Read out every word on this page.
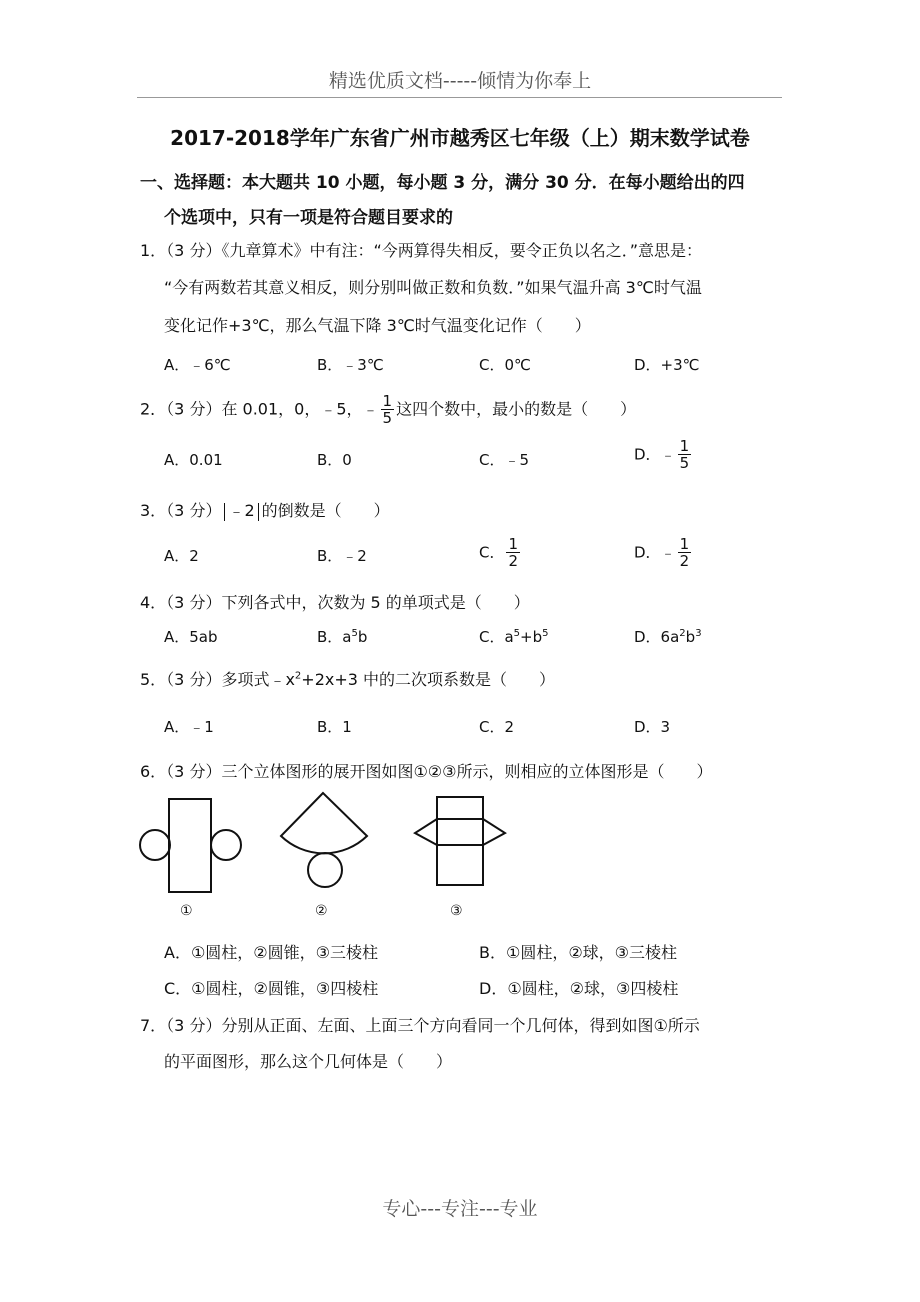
精选优质文档-----倾情为你奉上
2017-2018学年广东省广州市越秀区七年级（上）期末数学试卷
一、选择题：本大题共 10 小题，每小题 3 分，满分 30 分．在每小题给出的四
个选项中，只有一项是符合题目要求的
1．（3 分）《九章算术》中有注：“今两算得失相反，要令正负以名之．”意思是：
“今有两数若其意义相反，则分别叫做正数和负数．”如果气温升高 3℃时气温
变化记作+3℃，那么气温下降 3℃时气温变化记作（　　）
A．﹣6℃	B．﹣3℃	C．0℃	D．+3℃
2．（3 分）在 0.01，0，﹣5，﹣ $\frac{1}{5}$ 这四个数中，最小的数是（　　）
A．0.01	B．0	C．﹣5	D．﹣ $\frac{1}{5}$
3．（3 分） ﹣2 的倒数是（　　）
A．2	B．﹣2	C． $\frac{1}{2}$	D．﹣ $\frac{1}{2}$
4．（3 分）下列各式中，次数为 5 的单项式是（　　）
A．5ab	B．$a^5b$	C．$a^5+b^5$	D．$6a^2b^3$
5．（3 分）多项式$﹣x^2+2x+3$ 中的二次项系数是（　　）
A．﹣1	B．1	C．2	D．3
6．（3 分）三个立体图形的展开图如图①②③所示，则相应的立体图形是（　　）
①	②	③
A．①圆柱，②圆锥，③三棱柱	B．①圆柱，②球，③三棱柱
C．①圆柱，②圆锥，③四棱柱	D．①圆柱，②球，③四棱柱
7．（3 分）分别从正面、左面、上面三个方向看同一个几何体，得到如图①所示
的平面图形，那么这个几何体是（　　）
专心---专注---专业
